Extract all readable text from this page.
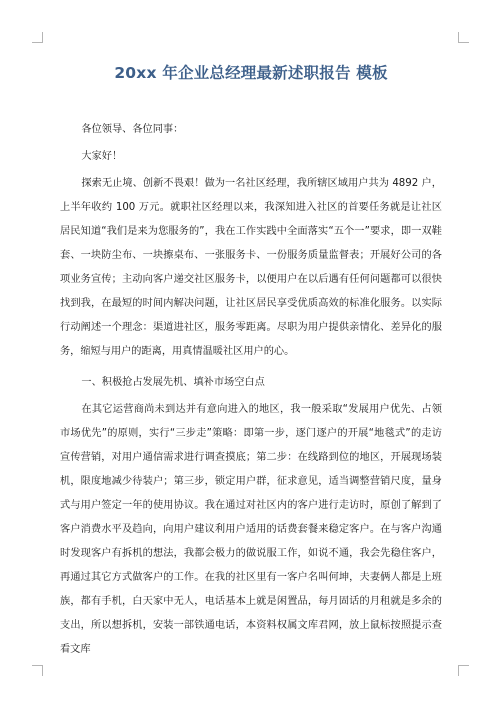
20xx 年企业总经理最新述职报告 模板

各位领导、各位同事：

大家好！

探索无止境、创新不畏艰！做为一名社区经理，我所辖区域用户共为 4892 户，上半年收约 100 万元。就职社区经理以来，我深知进入社区的首要任务就是让社区居民知道“我们是来为您服务的”，我在工作实践中全面落实“五个一”要求，即一双鞋套、一块防尘布、一块擦桌布、一张服务卡、一份服务质量监督表；开展好公司的各项业务宣传；主动向客户递交社区服务卡，以便用户在以后遇有任何问题都可以很快找到我，在最短的时间内解决问题，让社区居民享受优质高效的标准化服务。以实际行动阐述一个理念：渠道进社区，服务零距离。尽职为用户提供亲情化、差异化的服务，缩短与用户的距离，用真情温暖社区用户的心。

一、积极抢占发展先机、填补市场空白点

在其它运营商尚未到达并有意向进入的地区，我一般采取“发展用户优先、占领市场优先”的原则，实行“三步走”策略：即第一步，逐门逐户的开展“地毯式”的走访宣传营销，对用户通信需求进行调查摸底；第二步：在线路到位的地区，开展现场装机，限度地减少待装户；第三步，锁定用户群，征求意见，适当调整营销尺度，量身式与用户签定一年的使用协议。我在通过对社区内的客户进行走访时，原创了解到了客户消费水平及趋向，向用户建议利用户适用的话费套餐来稳定客户。在与客户沟通时发现客户有拆机的想法，我都会极力的做说服工作，如说不通，我会先稳住客户，再通过其它方式做客户的工作。在我的社区里有一客户名叫何坤，夫妻俩人都是上班族，都有手机，白天家中无人，电话基本上就是闲置品，每月固话的月租就是多余的支出，所以想拆机，安装一部铁通电话，本资料权属文库君网，放上鼠标按照提示查看文库
